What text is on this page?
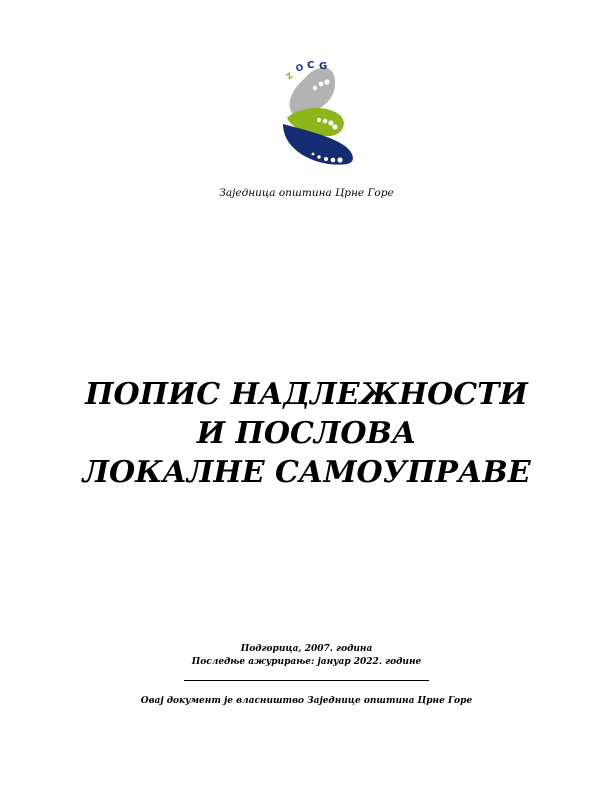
Z
O C G
Заједница општина Црне Горе
ПОПИС НАДЛЕЖНОСТИ
И ПОСЛОВА
ЛОКАЛНЕ САМОУПРАВЕ
Подгорица, 2007. година
Последње ажурирање: јануар 2022. године
Овај документ је власништво Заједнице општина Црне Горе
